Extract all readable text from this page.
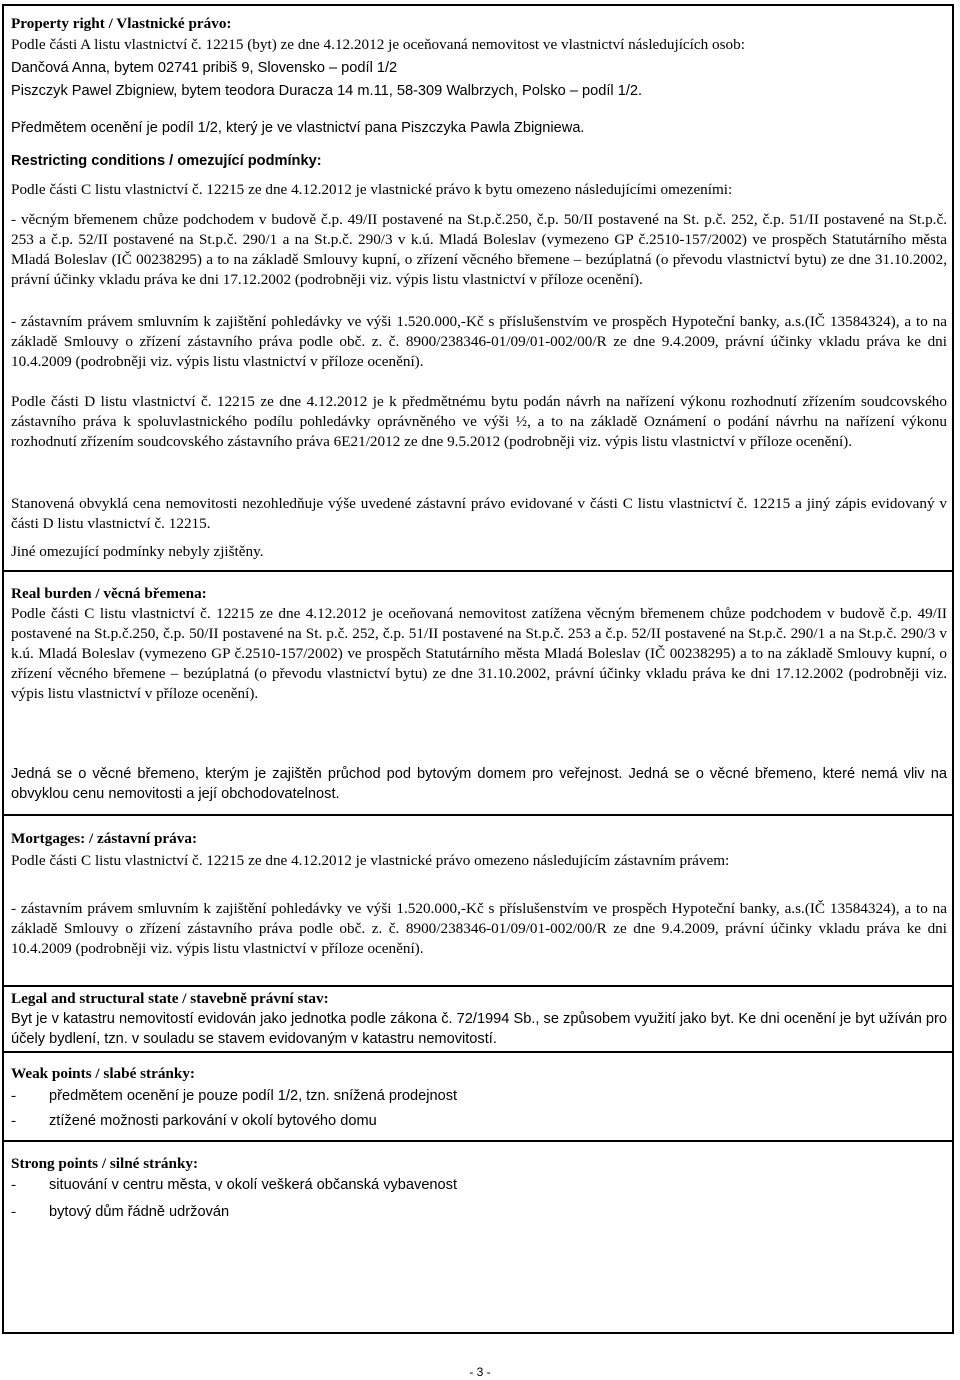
Property right / Vlastnické právo:

Podle části A listu vlastnictví č. 12215 (byt) ze dne 4.12.2012 je oceňovaná nemovitost ve vlastnictví následujících osob:

Dančová Anna, bytem 02741 pribiš 9, Slovensko – podíl 1/2

Piszczyk Pawel Zbigniew, bytem teodora Duracza 14 m.11, 58-309 Walbrzych, Polsko – podíl 1/2.

Předmětem ocenění je podíl 1/2, který je ve vlastnictví pana Piszczyka Pawla Zbigniewa.

Restricting conditions / omezující podmínky:

Podle části C listu vlastnictví č. 12215 ze dne 4.12.2012 je vlastnické právo k bytu omezeno následujícími omezeními:

- věcným břemenem chůze podchodem v budově č.p. 49/II postavené na St.p.č.250, č.p. 50/II postavené na St. p.č. 252, č.p. 51/II postavené na St.p.č. 253 a č.p. 52/II postavené na St.p.č. 290/1 a na St.p.č. 290/3 v k.ú. Mladá Boleslav (vymezeno GP č.2510-157/2002) ve prospěch Statutárního města Mladá Boleslav (IČ 00238295) a to na základě Smlouvy kupní, o zřízení věcného břemene – bezúplatná (o převodu vlastnictví bytu) ze dne 31.10.2002, právní účinky vkladu práva ke dni 17.12.2002 (podrobněji viz. výpis listu vlastnictví v příloze ocenění).

- zástavním právem smluvním k zajištění pohledávky ve výši 1.520.000,-Kč s příslušenstvím ve prospěch Hypoteční banky, a.s.(IČ 13584324), a to na základě Smlouvy o zřízení zástavního práva podle obč. z. č. 8900/238346-01/09/01-002/00/R ze dne 9.4.2009, právní účinky vkladu práva ke dni 10.4.2009 (podrobněji viz. výpis listu vlastnictví v příloze ocenění).

Podle části D listu vlastnictví č. 12215 ze dne 4.12.2012 je k předmětnému bytu podán návrh na nařízení výkonu rozhodnutí zřízením soudcovského zástavního práva k spoluvlastnického podílu pohledávky oprávněného ve výši ½, a to na základě Oznámení o podání návrhu na nařízení výkonu rozhodnutí zřízením soudcovského zástavního práva 6E21/2012 ze dne 9.5.2012 (podrobněji viz. výpis listu vlastnictví v příloze ocenění).

Stanovená obvyklá cena nemovitosti nezohledňuje výše uvedené zástavní právo evidované v části C listu vlastnictví č. 12215 a jiný zápis evidovaný v části D listu vlastnictví č. 12215.

Jiné omezující podmínky nebyly zjištěny.

Real burden / věcná břemena:

Podle části C listu vlastnictví č. 12215 ze dne 4.12.2012 je oceňovaná nemovitost zatížena věcným břemenem chůze podchodem v budově č.p. 49/II postavené na St.p.č.250, č.p. 50/II postavené na St. p.č. 252, č.p. 51/II postavené na St.p.č. 253 a č.p. 52/II postavené na St.p.č. 290/1 a na St.p.č. 290/3 v k.ú. Mladá Boleslav (vymezeno GP č.2510-157/2002) ve prospěch Statutárního města Mladá Boleslav (IČ 00238295) a to na základě Smlouvy kupní, o zřízení věcného břemene – bezúplatná (o převodu vlastnictví bytu) ze dne 31.10.2002, právní účinky vkladu práva ke dni 17.12.2002 (podrobněji viz. výpis listu vlastnictví v příloze ocenění).

Jedná se o věcné břemeno, kterým je zajištěn průchod pod bytovým domem pro veřejnost. Jedná se o věcné břemeno, které nemá vliv na obvyklou cenu nemovitosti a její obchodovatelnost.

Mortgages: / zástavní práva:

Podle části C listu vlastnictví č. 12215 ze dne 4.12.2012 je vlastnické právo omezeno následujícím zástavním právem:

- zástavním právem smluvním k zajištění pohledávky ve výši 1.520.000,-Kč s příslušenstvím ve prospěch Hypoteční banky, a.s.(IČ 13584324), a to na základě Smlouvy o zřízení zástavního práva podle obč. z. č. 8900/238346-01/09/01-002/00/R ze dne 9.4.2009, právní účinky vkladu práva ke dni 10.4.2009 (podrobněji viz. výpis listu vlastnictví v příloze ocenění).

Legal and structural state / stavebně právní stav:

Byt je v katastru nemovitostí evidován jako jednotka podle zákona č. 72/1994 Sb., se způsobem využití jako byt. Ke dni ocenění je byt užíván pro účely bydlení, tzn. v souladu se stavem evidovaným v katastru nemovitostí.

Weak points / slabé stránky:

- předmětem ocenění je pouze podíl 1/2, tzn. snížená prodejnost
- ztížené možnosti parkování v okolí bytového domu

Strong points / silné stránky:

- situování v centru města, v okolí veškerá občanská vybavenost
- bytový dům řádně udržován
- 3 -
